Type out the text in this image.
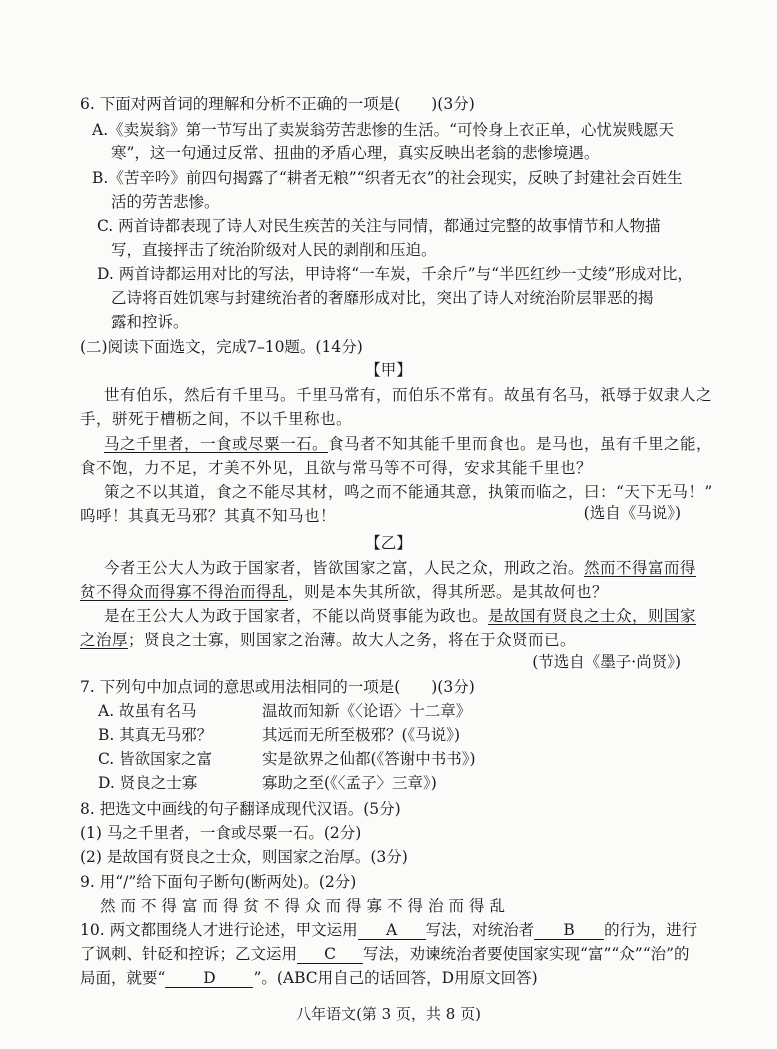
6. 下面对两首词的理解和分析不正确的一项是(　　)(3分)
A.《卖炭翁》第一节写出了卖炭翁劳苦悲惨的生活。“可怜身上衣正单，心忧炭贱愿天
寒”，这一句通过反常、扭曲的矛盾心理，真实反映出老翁的悲惨境遇。
B.《苦辛吟》前四句揭露了“耕者无粮”“织者无衣”的社会现实，反映了封建社会百姓生
活的劳苦悲惨。
C. 两首诗都表现了诗人对民生疾苦的关注与同情，都通过完整的故事情节和人物描
写，直接抨击了统治阶级对人民的剥削和压迫。
D. 两首诗都运用对比的写法，甲诗将“一车炭，千余斤”与“半匹红纱一丈绫”形成对比，
乙诗将百姓饥寒与封建统治者的奢靡形成对比，突出了诗人对统治阶层罪恶的揭
露和控诉。
(二)阅读下面选文，完成7–10题。(14分)
【甲】
世有伯乐，然后有千里马。千里马常有，而伯乐不常有。故虽有名马，祇辱于奴隶人之
手，骈死于槽枥之间，不以千里称也。
马之千里者，一食或尽粟一石。食马者不知其能千里而食也。是马也，虽有千里之能，
食不饱，力不足，才美不外见，且欲与常马等不可得，安求其能千里也？
策之不以其道，食之不能尽其材，鸣之而不能通其意，执策而临之，曰：“天下无马！”
呜呼！其真无马邪？其真不知马也！	(选自《马说》)
【乙】
今者王公大人为政于国家者，皆欲国家之富，人民之众，刑政之治。然而不得富而得
贫不得众而得寡不得治而得乱，则是本失其所欲，得其所恶。是其故何也？
是在王公大人为政于国家者，不能以尚贤事能为政也。是故国有贤良之士众，则国家
之治厚；贤良之士寡，则国家之治薄。故大人之务，将在于众贤而已。
(节选自《墨子·尚贤》)
7. 下列句中加点词的意思或用法相同的一项是(　　)(3分)
A. 故虽有名马	温故而知新《〈论语〉十二章》
B. 其真无马邪？	其远而无所至极邪？(《马说》)
C. 皆欲国家之富	实是欲界之仙都(《答谢中书书》)
D. 贤良之士寡	寡助之至(《〈孟子〉三章》)
8. 把选文中画线的句子翻译成现代汉语。(5分)
(1) 马之千里者，一食或尽粟一石。(2分)
(2) 是故国有贤良之士众，则国家之治厚。(3分)
9. 用“/”给下面句子断句(断两处)。(2分)
然而不得富而得贫不得众而得寡不得治而得乱
10. 两文都围绕人才进行论述，甲文运用 A 写法，对统治者 B 的行为，进行
了讽刺、针砭和控诉；乙文运用 C 写法，劝谏统治者要使国家实现“富”“众”“治”的
局面，就要“ D ”。(ABC用自己的话回答，D用原文回答)
八年语文(第 3 页，共 8 页)
